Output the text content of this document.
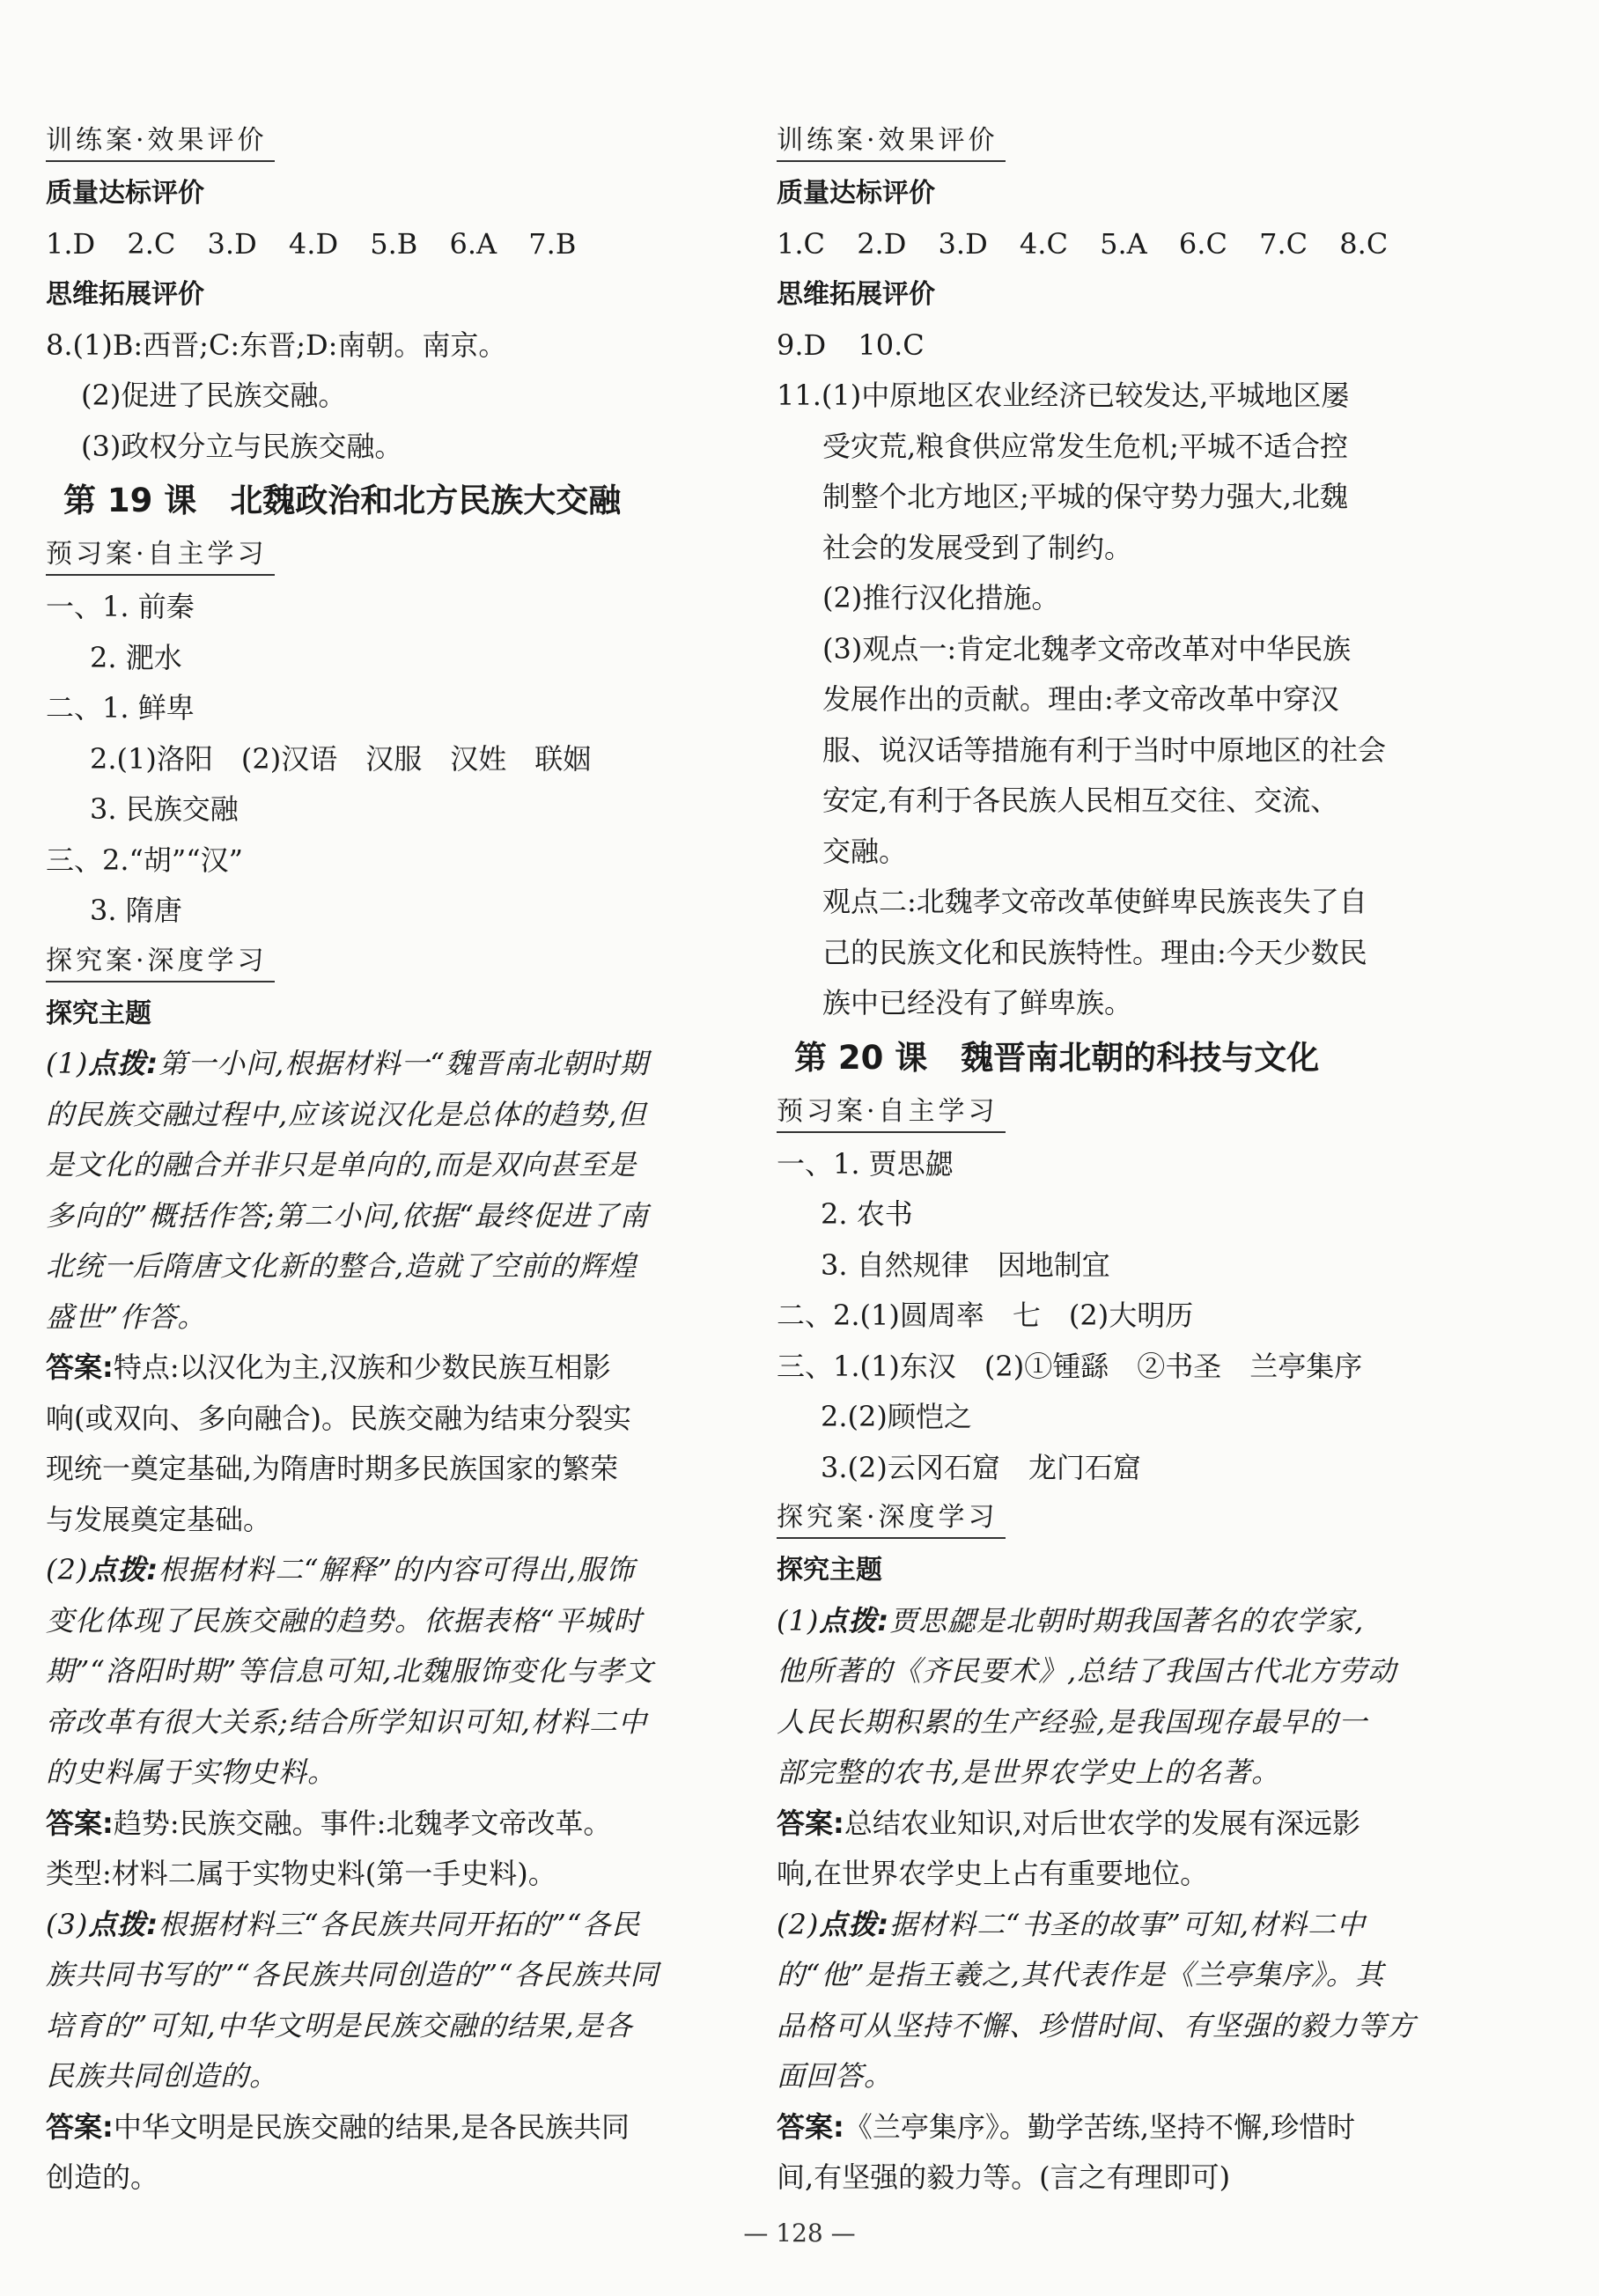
训练案·效果评价
质量达标评价
1.D 2.C 3.D 4.D 5.B 6.A 7.B
思维拓展评价
8.(1)B:西晋;C:东晋;D:南朝。南京。
(2)促进了民族交融。
(3)政权分立与民族交融。
第 19 课 北魏政治和北方民族大交融
预习案·自主学习
一、1. 前秦
2. 淝水
二、1. 鲜卑
2.(1)洛阳　(2)汉语　汉服　汉姓　联姻
3. 民族交融
三、2.“胡”“汉”
3. 隋唐
探究案·深度学习
探究主题
(1)点拨:第一小问,根据材料一“魏晋南北朝时期
的民族交融过程中,应该说汉化是总体的趋势,但
是文化的融合并非只是单向的,而是双向甚至是
多向的”概括作答;第二小问,依据“最终促进了南
北统一后隋唐文化新的整合,造就了空前的辉煌
盛世”作答。
答案:特点:以汉化为主,汉族和少数民族互相影
响(或双向、多向融合)。民族交融为结束分裂实
现统一奠定基础,为隋唐时期多民族国家的繁荣
与发展奠定基础。
(2)点拨:根据材料二“解释”的内容可得出,服饰
变化体现了民族交融的趋势。依据表格“平城时
期”“洛阳时期”等信息可知,北魏服饰变化与孝文
帝改革有很大关系;结合所学知识可知,材料二中
的史料属于实物史料。
答案:趋势:民族交融。事件:北魏孝文帝改革。
类型:材料二属于实物史料(第一手史料)。
(3)点拨:根据材料三“各民族共同开拓的”“各民
族共同书写的”“各民族共同创造的”“各民族共同
培育的”可知,中华文明是民族交融的结果,是各
民族共同创造的。
答案:中华文明是民族交融的结果,是各民族共同
创造的。
训练案·效果评价
质量达标评价
1.C 2.D 3.D 4.C 5.A 6.C 7.C 8.C
思维拓展评价
9.D 10.C
11.(1)中原地区农业经济已较发达,平城地区屡
受灾荒,粮食供应常发生危机;平城不适合控
制整个北方地区;平城的保守势力强大,北魏
社会的发展受到了制约。
(2)推行汉化措施。
(3)观点一:肯定北魏孝文帝改革对中华民族
发展作出的贡献。理由:孝文帝改革中穿汉
服、说汉话等措施有利于当时中原地区的社会
安定,有利于各民族人民相互交往、交流、
交融。
观点二:北魏孝文帝改革使鲜卑民族丧失了自
己的民族文化和民族特性。理由:今天少数民
族中已经没有了鲜卑族。
第 20 课 魏晋南北朝的科技与文化
预习案·自主学习
一、1. 贾思勰
2. 农书
3. 自然规律　因地制宜
二、2.(1)圆周率　七　(2)大明历
三、1.(1)东汉　(2)①锺繇　②书圣　兰亭集序
2.(2)顾恺之
3.(2)云冈石窟　龙门石窟
探究案·深度学习
探究主题
(1)点拨:贾思勰是北朝时期我国著名的农学家,
他所著的《齐民要术》,总结了我国古代北方劳动
人民长期积累的生产经验,是我国现存最早的一
部完整的农书,是世界农学史上的名著。
答案:总结农业知识,对后世农学的发展有深远影
响,在世界农学史上占有重要地位。
(2)点拨:据材料二“书圣的故事”可知,材料二中
的“他”是指王羲之,其代表作是《兰亭集序》。其
品格可从坚持不懈、珍惜时间、有坚强的毅力等方
面回答。
答案:《兰亭集序》。勤学苦练,坚持不懈,珍惜时
间,有坚强的毅力等。(言之有理即可)
— 128 —
